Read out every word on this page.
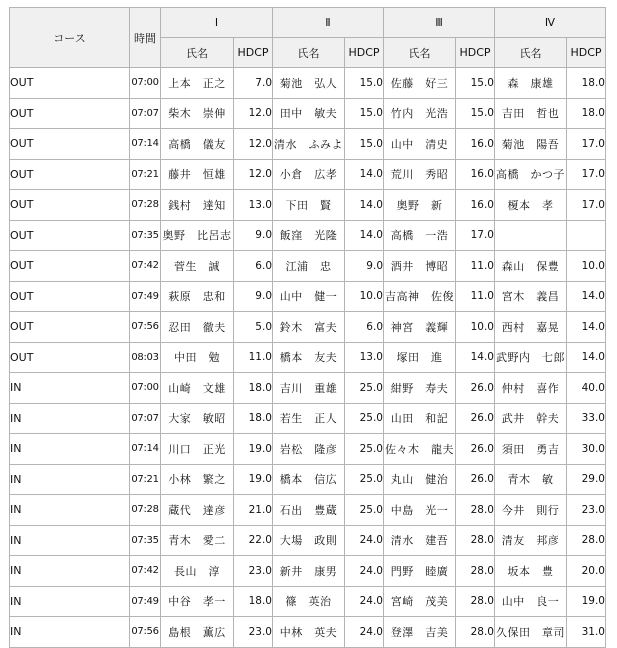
コース	時間	Ⅰ		Ⅱ		Ⅲ		Ⅳ	
		氏名	HDCP	氏名	HDCP	氏名	HDCP	氏名	HDCP
OUT	07:00	上本　正之	7.0	菊池　弘人	15.0	佐藤　好三	15.0	森　康雄	18.0
OUT	07:07	柴木　崇伸	12.0	田中　敏夫	15.0	竹内　光浩	15.0	吉田　哲也	18.0
OUT	07:14	高橋　儀友	12.0	清水　ふみよ	15.0	山中　清史	16.0	菊池　陽吾	17.0
OUT	07:21	藤井　恒雄	12.0	小倉　広孝	14.0	荒川　秀昭	16.0	高橋　かつ子	17.0
OUT	07:28	銭村　達知	13.0	下田　賢	14.0	奥野　新	16.0	榎本　孝	17.0
OUT	07:35	奥野　比呂志	9.0	飯窪　光隆	14.0	高橋　一浩	17.0		
OUT	07:42	菅生　誠	6.0	江浦　忠	9.0	酒井　博昭	11.0	森山　保豊	10.0
OUT	07:49	萩原　忠和	9.0	山中　健一	10.0	吉高神　佐俊	11.0	宮木　義昌	14.0
OUT	07:56	忍田　徹夫	5.0	鈴木　富夫	6.0	神宮　義輝	10.0	西村　嘉晃	14.0
OUT	08:03	中田　勉	11.0	橋本　友夫	13.0	塚田　進	14.0	武野内　七郎	14.0
IN	07:00	山崎　文雄	18.0	吉川　重雄	25.0	紺野　寿夫	26.0	仲村　喜作	40.0
IN	07:07	大家　敏昭	18.0	若生　正人	25.0	山田　和記	26.0	武井　幹夫	33.0
IN	07:14	川口　正光	19.0	岩松　隆彦	25.0	佐々木　龍夫	26.0	須田　勇吉	30.0
IN	07:21	小林　繁之	19.0	橋本　信広	25.0	丸山　健治	26.0	青木　敏	29.0
IN	07:28	蔵代　達彦	21.0	石出　豊蔵	25.0	中島　光一	28.0	今井　則行	23.0
IN	07:35	青木　愛二	22.0	大場　政則	24.0	清水　建吾	28.0	清友　邦彦	28.0
IN	07:42	長山　淳	23.0	新井　康男	24.0	門野　睦廣	28.0	坂本　豊	20.0
IN	07:49	中谷　孝一	18.0	篠　英治	24.0	宮崎　茂美	28.0	山中　良一	19.0
IN	07:56	島根　薫広	23.0	中林　英夫	24.0	登澤　吉美	28.0	久保田　章司	31.0
